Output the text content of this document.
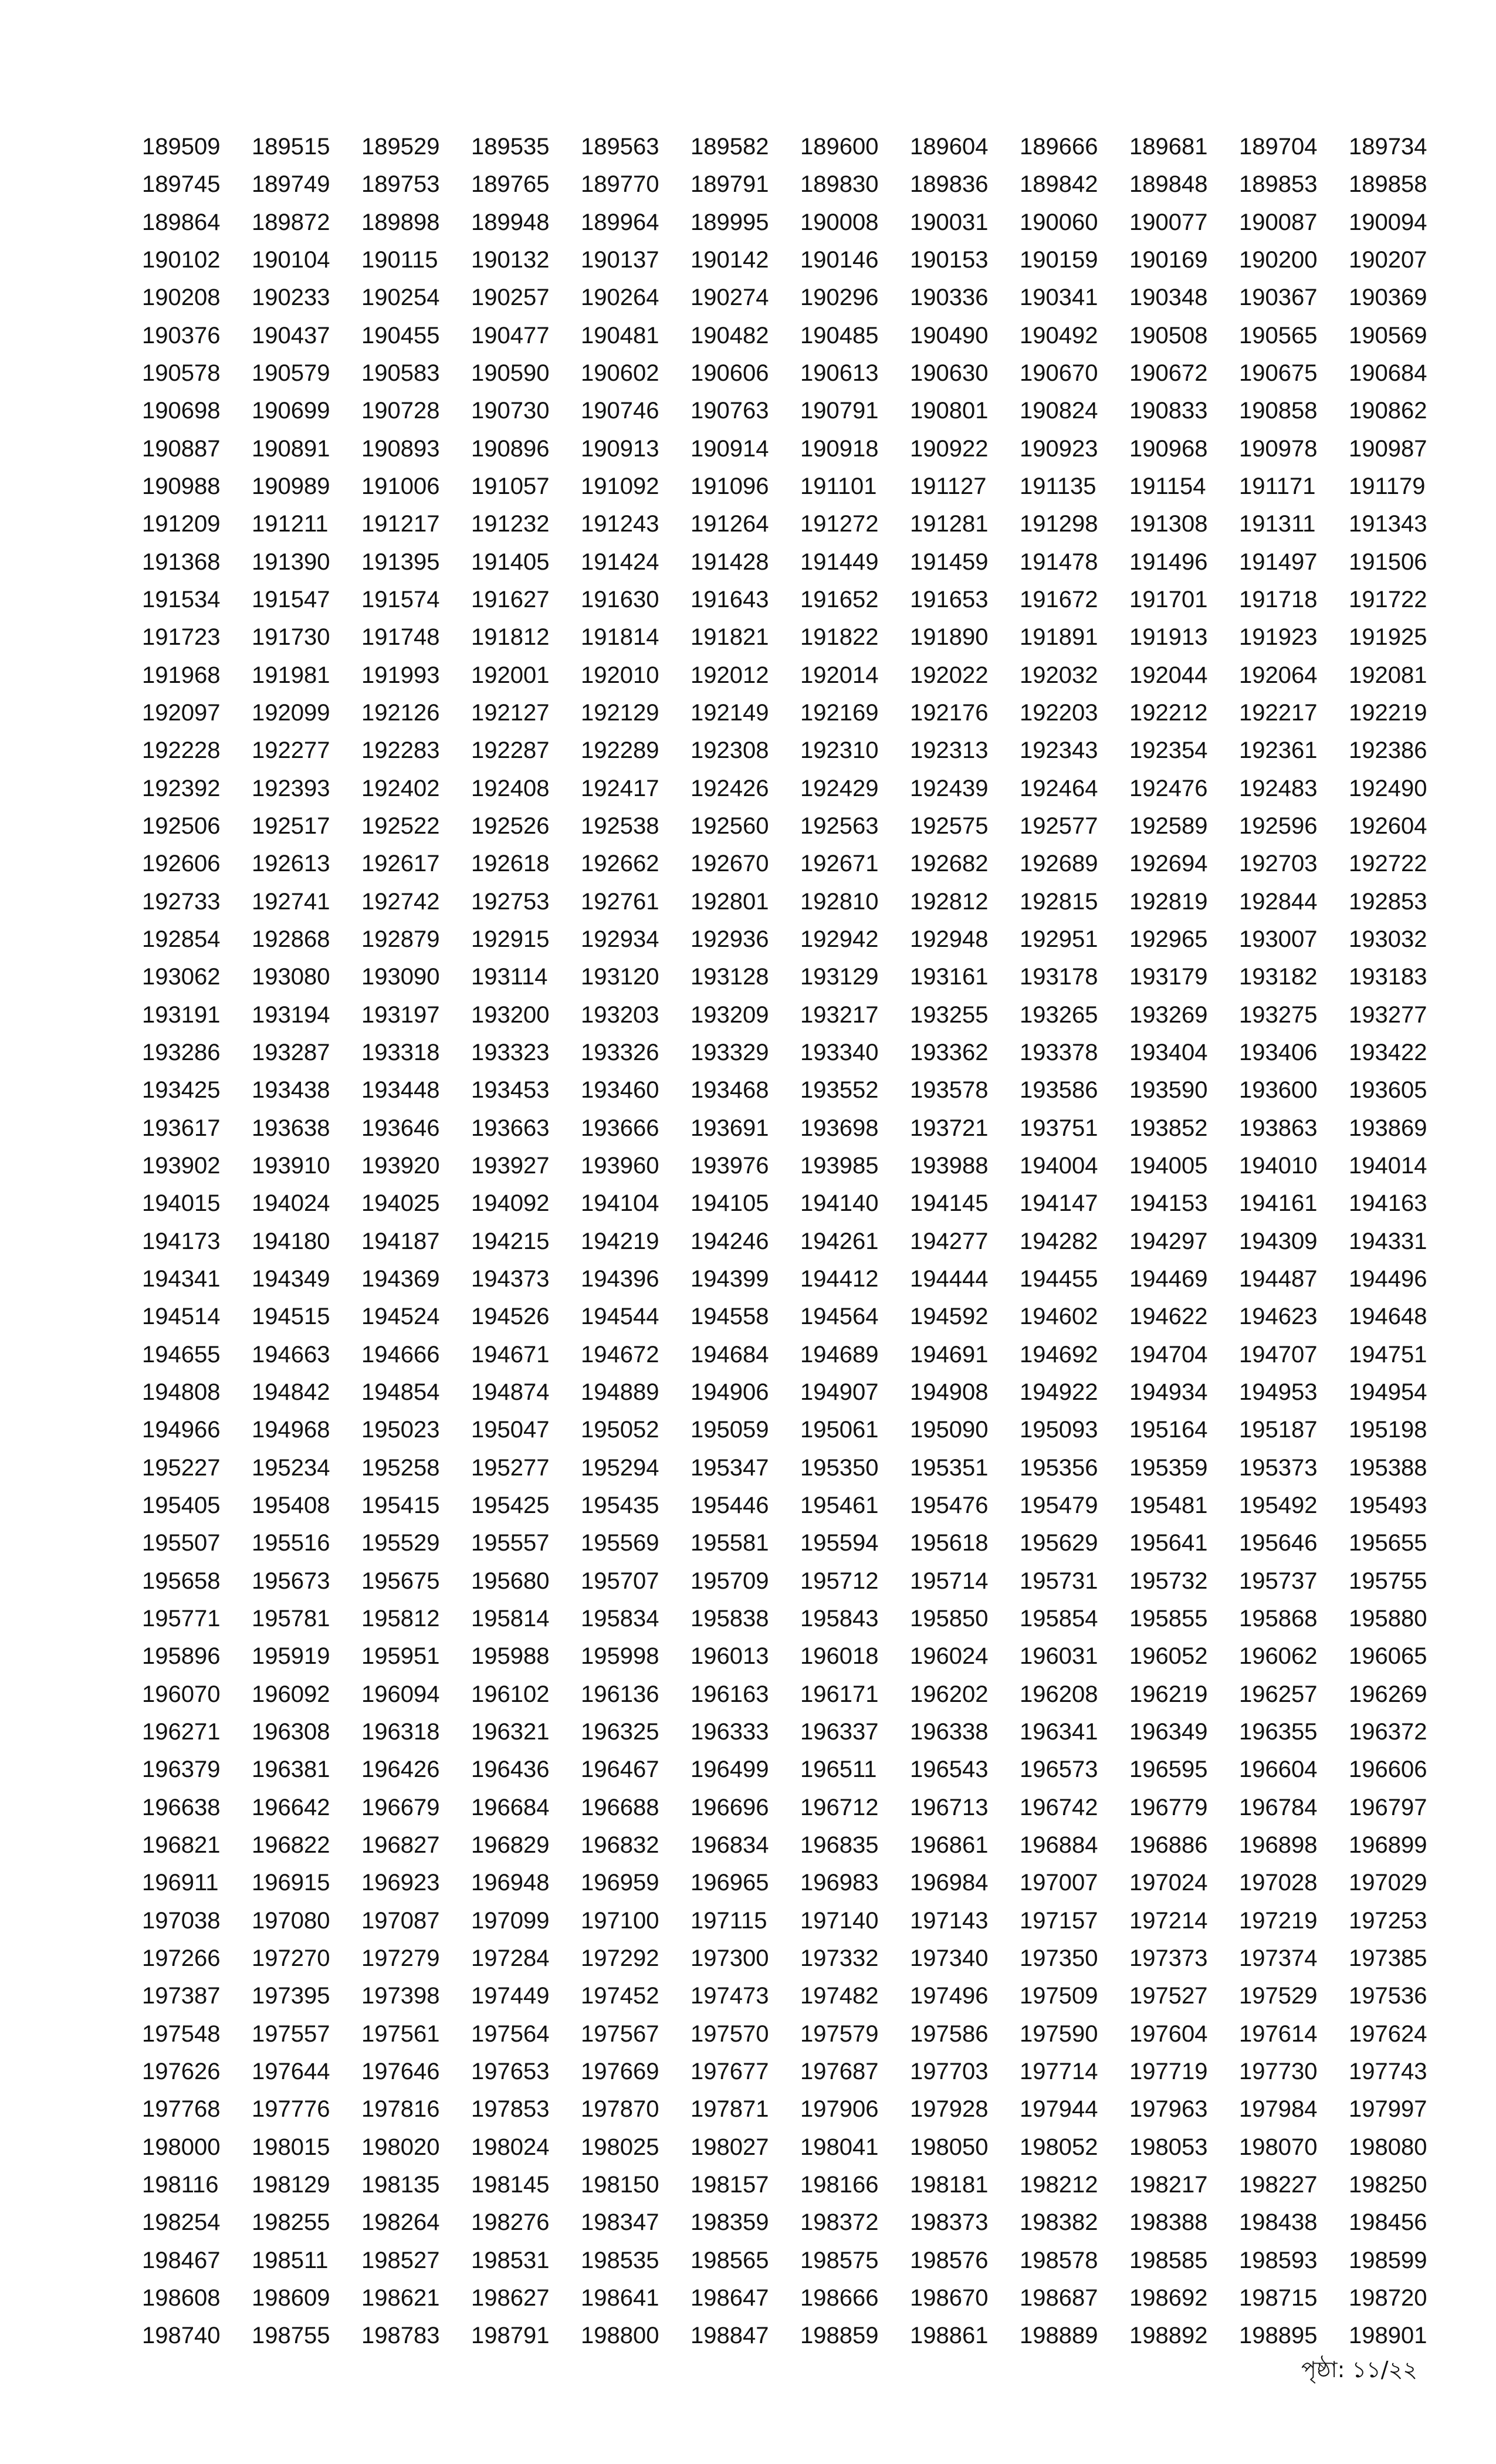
189509	189515	189529	189535	189563	189582	189600	189604	189666	189681	189704	189734
189745	189749	189753	189765	189770	189791	189830	189836	189842	189848	189853	189858
189864	189872	189898	189948	189964	189995	190008	190031	190060	190077	190087	190094
190102	190104	190115	190132	190137	190142	190146	190153	190159	190169	190200	190207
190208	190233	190254	190257	190264	190274	190296	190336	190341	190348	190367	190369
190376	190437	190455	190477	190481	190482	190485	190490	190492	190508	190565	190569
190578	190579	190583	190590	190602	190606	190613	190630	190670	190672	190675	190684
190698	190699	190728	190730	190746	190763	190791	190801	190824	190833	190858	190862
190887	190891	190893	190896	190913	190914	190918	190922	190923	190968	190978	190987
190988	190989	191006	191057	191092	191096	191101	191127	191135	191154	191171	191179
191209	191211	191217	191232	191243	191264	191272	191281	191298	191308	191311	191343
191368	191390	191395	191405	191424	191428	191449	191459	191478	191496	191497	191506
191534	191547	191574	191627	191630	191643	191652	191653	191672	191701	191718	191722
191723	191730	191748	191812	191814	191821	191822	191890	191891	191913	191923	191925
191968	191981	191993	192001	192010	192012	192014	192022	192032	192044	192064	192081
192097	192099	192126	192127	192129	192149	192169	192176	192203	192212	192217	192219
192228	192277	192283	192287	192289	192308	192310	192313	192343	192354	192361	192386
192392	192393	192402	192408	192417	192426	192429	192439	192464	192476	192483	192490
192506	192517	192522	192526	192538	192560	192563	192575	192577	192589	192596	192604
192606	192613	192617	192618	192662	192670	192671	192682	192689	192694	192703	192722
192733	192741	192742	192753	192761	192801	192810	192812	192815	192819	192844	192853
192854	192868	192879	192915	192934	192936	192942	192948	192951	192965	193007	193032
193062	193080	193090	193114	193120	193128	193129	193161	193178	193179	193182	193183
193191	193194	193197	193200	193203	193209	193217	193255	193265	193269	193275	193277
193286	193287	193318	193323	193326	193329	193340	193362	193378	193404	193406	193422
193425	193438	193448	193453	193460	193468	193552	193578	193586	193590	193600	193605
193617	193638	193646	193663	193666	193691	193698	193721	193751	193852	193863	193869
193902	193910	193920	193927	193960	193976	193985	193988	194004	194005	194010	194014
194015	194024	194025	194092	194104	194105	194140	194145	194147	194153	194161	194163
194173	194180	194187	194215	194219	194246	194261	194277	194282	194297	194309	194331
194341	194349	194369	194373	194396	194399	194412	194444	194455	194469	194487	194496
194514	194515	194524	194526	194544	194558	194564	194592	194602	194622	194623	194648
194655	194663	194666	194671	194672	194684	194689	194691	194692	194704	194707	194751
194808	194842	194854	194874	194889	194906	194907	194908	194922	194934	194953	194954
194966	194968	195023	195047	195052	195059	195061	195090	195093	195164	195187	195198
195227	195234	195258	195277	195294	195347	195350	195351	195356	195359	195373	195388
195405	195408	195415	195425	195435	195446	195461	195476	195479	195481	195492	195493
195507	195516	195529	195557	195569	195581	195594	195618	195629	195641	195646	195655
195658	195673	195675	195680	195707	195709	195712	195714	195731	195732	195737	195755
195771	195781	195812	195814	195834	195838	195843	195850	195854	195855	195868	195880
195896	195919	195951	195988	195998	196013	196018	196024	196031	196052	196062	196065
196070	196092	196094	196102	196136	196163	196171	196202	196208	196219	196257	196269
196271	196308	196318	196321	196325	196333	196337	196338	196341	196349	196355	196372
196379	196381	196426	196436	196467	196499	196511	196543	196573	196595	196604	196606
196638	196642	196679	196684	196688	196696	196712	196713	196742	196779	196784	196797
196821	196822	196827	196829	196832	196834	196835	196861	196884	196886	196898	196899
196911	196915	196923	196948	196959	196965	196983	196984	197007	197024	197028	197029
197038	197080	197087	197099	197100	197115	197140	197143	197157	197214	197219	197253
197266	197270	197279	197284	197292	197300	197332	197340	197350	197373	197374	197385
197387	197395	197398	197449	197452	197473	197482	197496	197509	197527	197529	197536
197548	197557	197561	197564	197567	197570	197579	197586	197590	197604	197614	197624
197626	197644	197646	197653	197669	197677	197687	197703	197714	197719	197730	197743
197768	197776	197816	197853	197870	197871	197906	197928	197944	197963	197984	197997
198000	198015	198020	198024	198025	198027	198041	198050	198052	198053	198070	198080
198116	198129	198135	198145	198150	198157	198166	198181	198212	198217	198227	198250
198254	198255	198264	198276	198347	198359	198372	198373	198382	198388	198438	198456
198467	198511	198527	198531	198535	198565	198575	198576	198578	198585	198593	198599
198608	198609	198621	198627	198641	198647	198666	198670	198687	198692	198715	198720
198740	198755	198783	198791	198800	198847	198859	198861	198889	198892	198895	198901
পৃষ্ঠা: ১১/২২
